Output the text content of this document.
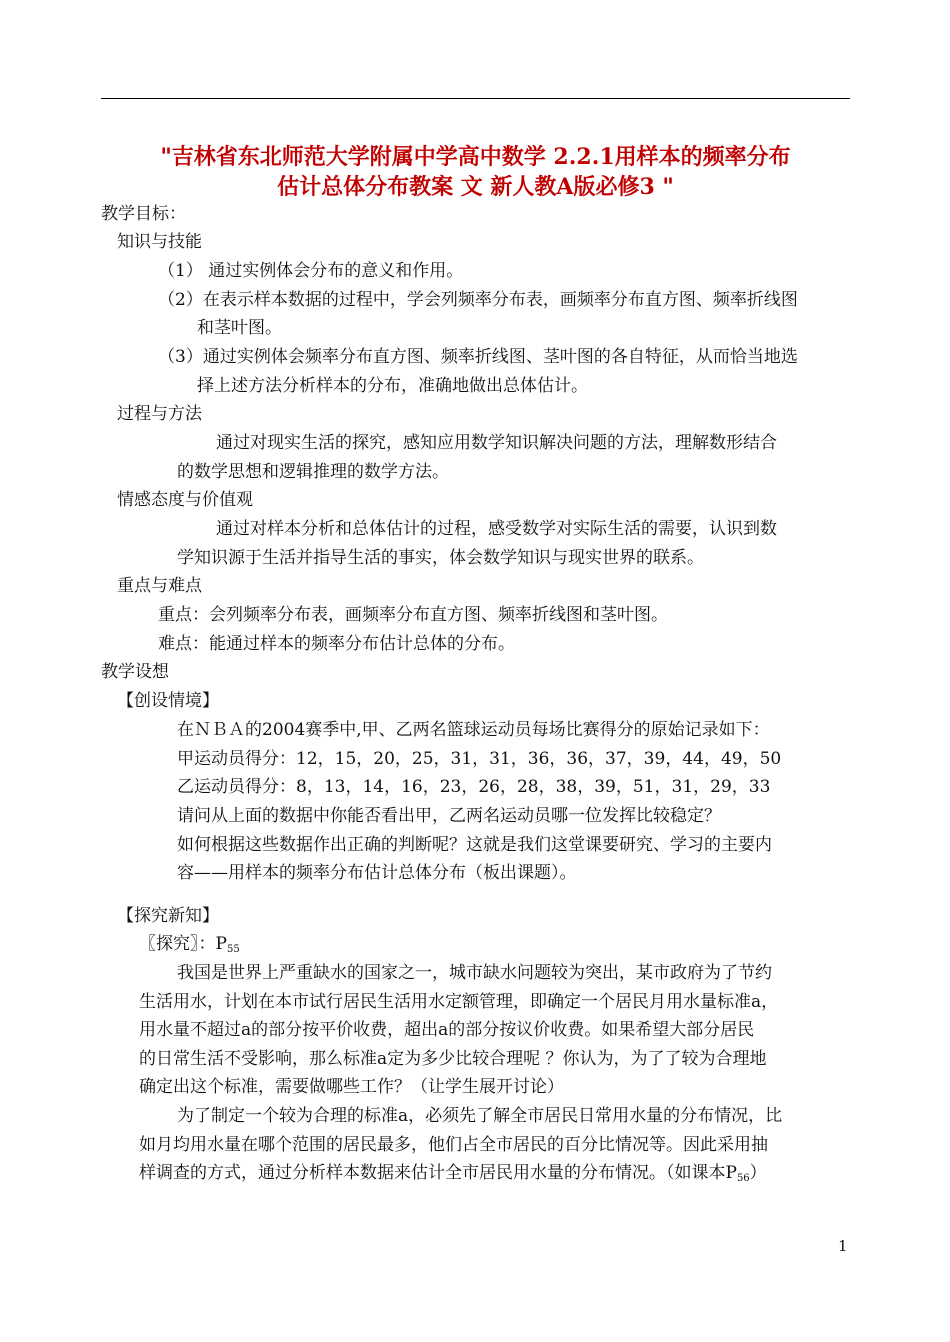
"吉林省东北师范大学附属中学高中数学 2.2.1用样本的频率分布
估计总体分布教案 文 新人教A版必修3 "
教学目标：
知识与技能
（1） 通过实例体会分布的意义和作用。
（2）在表示样本数据的过程中，学会列频率分布表，画频率分布直方图、频率折线图
和茎叶图。
（3）通过实例体会频率分布直方图、频率折线图、茎叶图的各自特征，从而恰当地选
择上述方法分析样本的分布，准确地做出总体估计。
过程与方法
通过对现实生活的探究，感知应用数学知识解决问题的方法，理解数形结合
的数学思想和逻辑推理的数学方法。
情感态度与价值观
通过对样本分析和总体估计的过程，感受数学对实际生活的需要，认识到数
学知识源于生活并指导生活的事实，体会数学知识与现实世界的联系。
重点与难点
重点：会列频率分布表，画频率分布直方图、频率折线图和茎叶图。
难点：能通过样本的频率分布估计总体的分布。
教学设想
【创设情境】
在ＮＢＡ的2004赛季中,甲、乙两名篮球运动员每场比赛得分的原始记录如下：
甲运动员得分：12，15，20，25，31，31，36，36，37，39，44，49，50
乙运动员得分：8，13，14，16，23，26，28，38，39，51，31，29，33
请问从上面的数据中你能否看出甲，乙两名运动员哪一位发挥比较稳定？
如何根据这些数据作出正确的判断呢？这就是我们这堂课要研究、学习的主要内
容——用样本的频率分布估计总体分布（板出课题）。
【探究新知】
〖探究〗：$P_{55}$
我国是世界上严重缺水的国家之一，城市缺水问题较为突出，某市政府为了节约
生活用水，计划在本市试行居民生活用水定额管理，即确定一个居民月用水量标准a，
用水量不超过a的部分按平价收费，超出a的部分按议价收费。如果希望大部分居民
的日常生活不受影响，那么标准a定为多少比较合理呢 ？你认为，为了了较为合理地
确定出这个标准，需要做哪些工作？（让学生展开讨论）
为了制定一个较为合理的标准a，必须先了解全市居民日常用水量的分布情况，比
如月均用水量在哪个范围的居民最多，他们占全市居民的百分比情况等。因此采用抽
样调查的方式，通过分析样本数据来估计全市居民用水量的分布情况。（如课本$P_{56}$）
1
